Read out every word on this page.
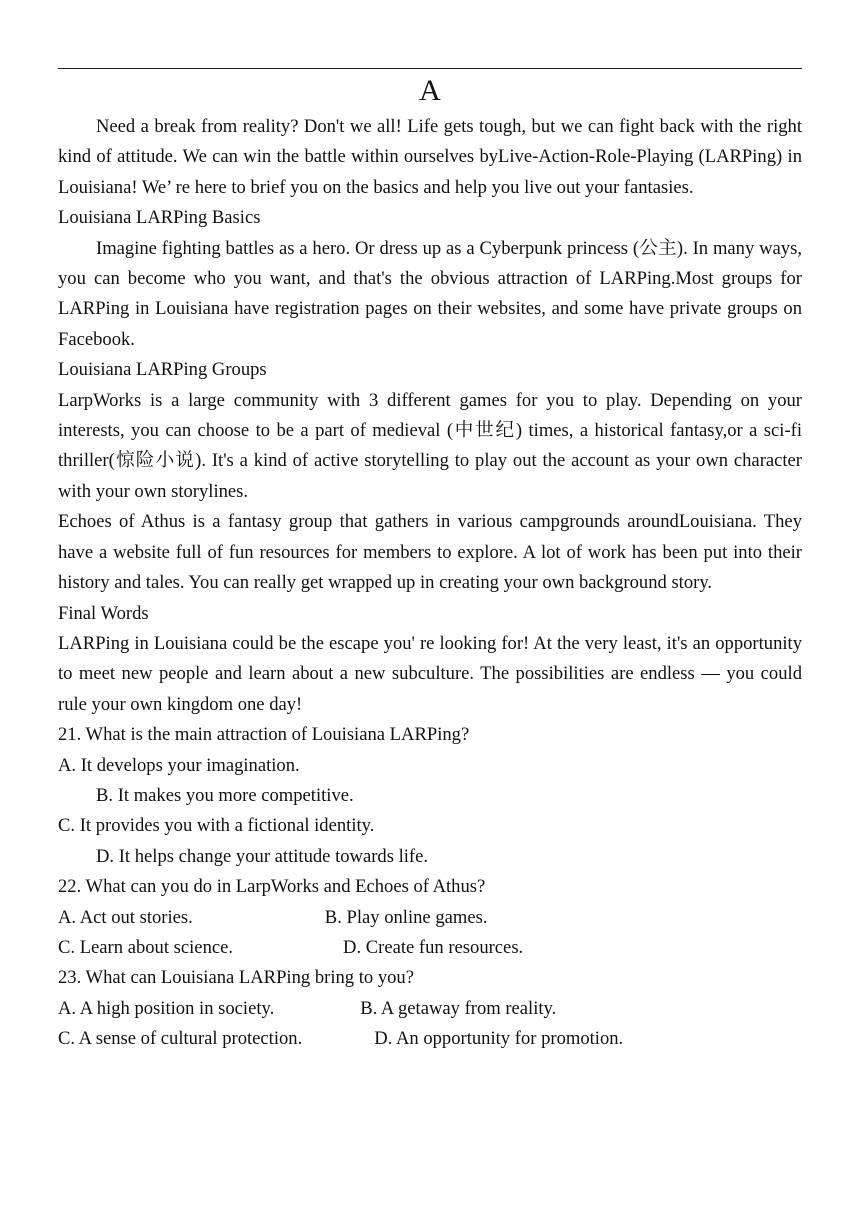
A

Need a break from reality? Don't we all! Life gets tough, but we can fight back with the right kind of attitude. We can win the battle within ourselves byLive-Action-Role-Playing (LARPing) in Louisiana! We’ re here to brief you on the basics and help you live out your fantasies.

Louisiana LARPing Basics

Imagine fighting battles as a hero. Or dress up as a Cyberpunk princess (公主). In many ways, you can become who you want, and that's the obvious attraction of LARPing.Most groups for LARPing in Louisiana have registration pages on their websites, and some have private groups on Facebook.

Louisiana LARPing Groups

LarpWorks is a large community with 3 different games for you to play. Depending on your interests, you can choose to be a part of medieval (中世纪) times, a historical fantasy,or a sci-fi thriller(惊险小说). It's a kind of active storytelling to play out the account as your own character with your own storylines.

Echoes of Athus is a fantasy group that gathers in various campgrounds aroundLouisiana. They have a website full of fun resources for members to explore. A lot of work has been put into their history and tales. You can really get wrapped up in creating your own background story.

Final Words

LARPing in Louisiana could be the escape you' re looking for! At the very least, it's an opportunity to meet new people and learn about a new subculture. The possibilities are endless — you could rule your own kingdom one day!

21. What is the main attraction of Louisiana LARPing?

A. It develops your imagination.

B. It makes you more competitive.

C. It provides you with a fictional identity.

D. It helps change your attitude towards life.

22. What can you do in LarpWorks and Echoes of Athus?

A. Act out stories.	B. Play online games.

C. Learn about science.	D. Create fun resources.

23. What can Louisiana LARPing bring to you?

A. A high position in society.	B. A getaway from reality.

C. A sense of cultural protection.	D. An opportunity for promotion.
